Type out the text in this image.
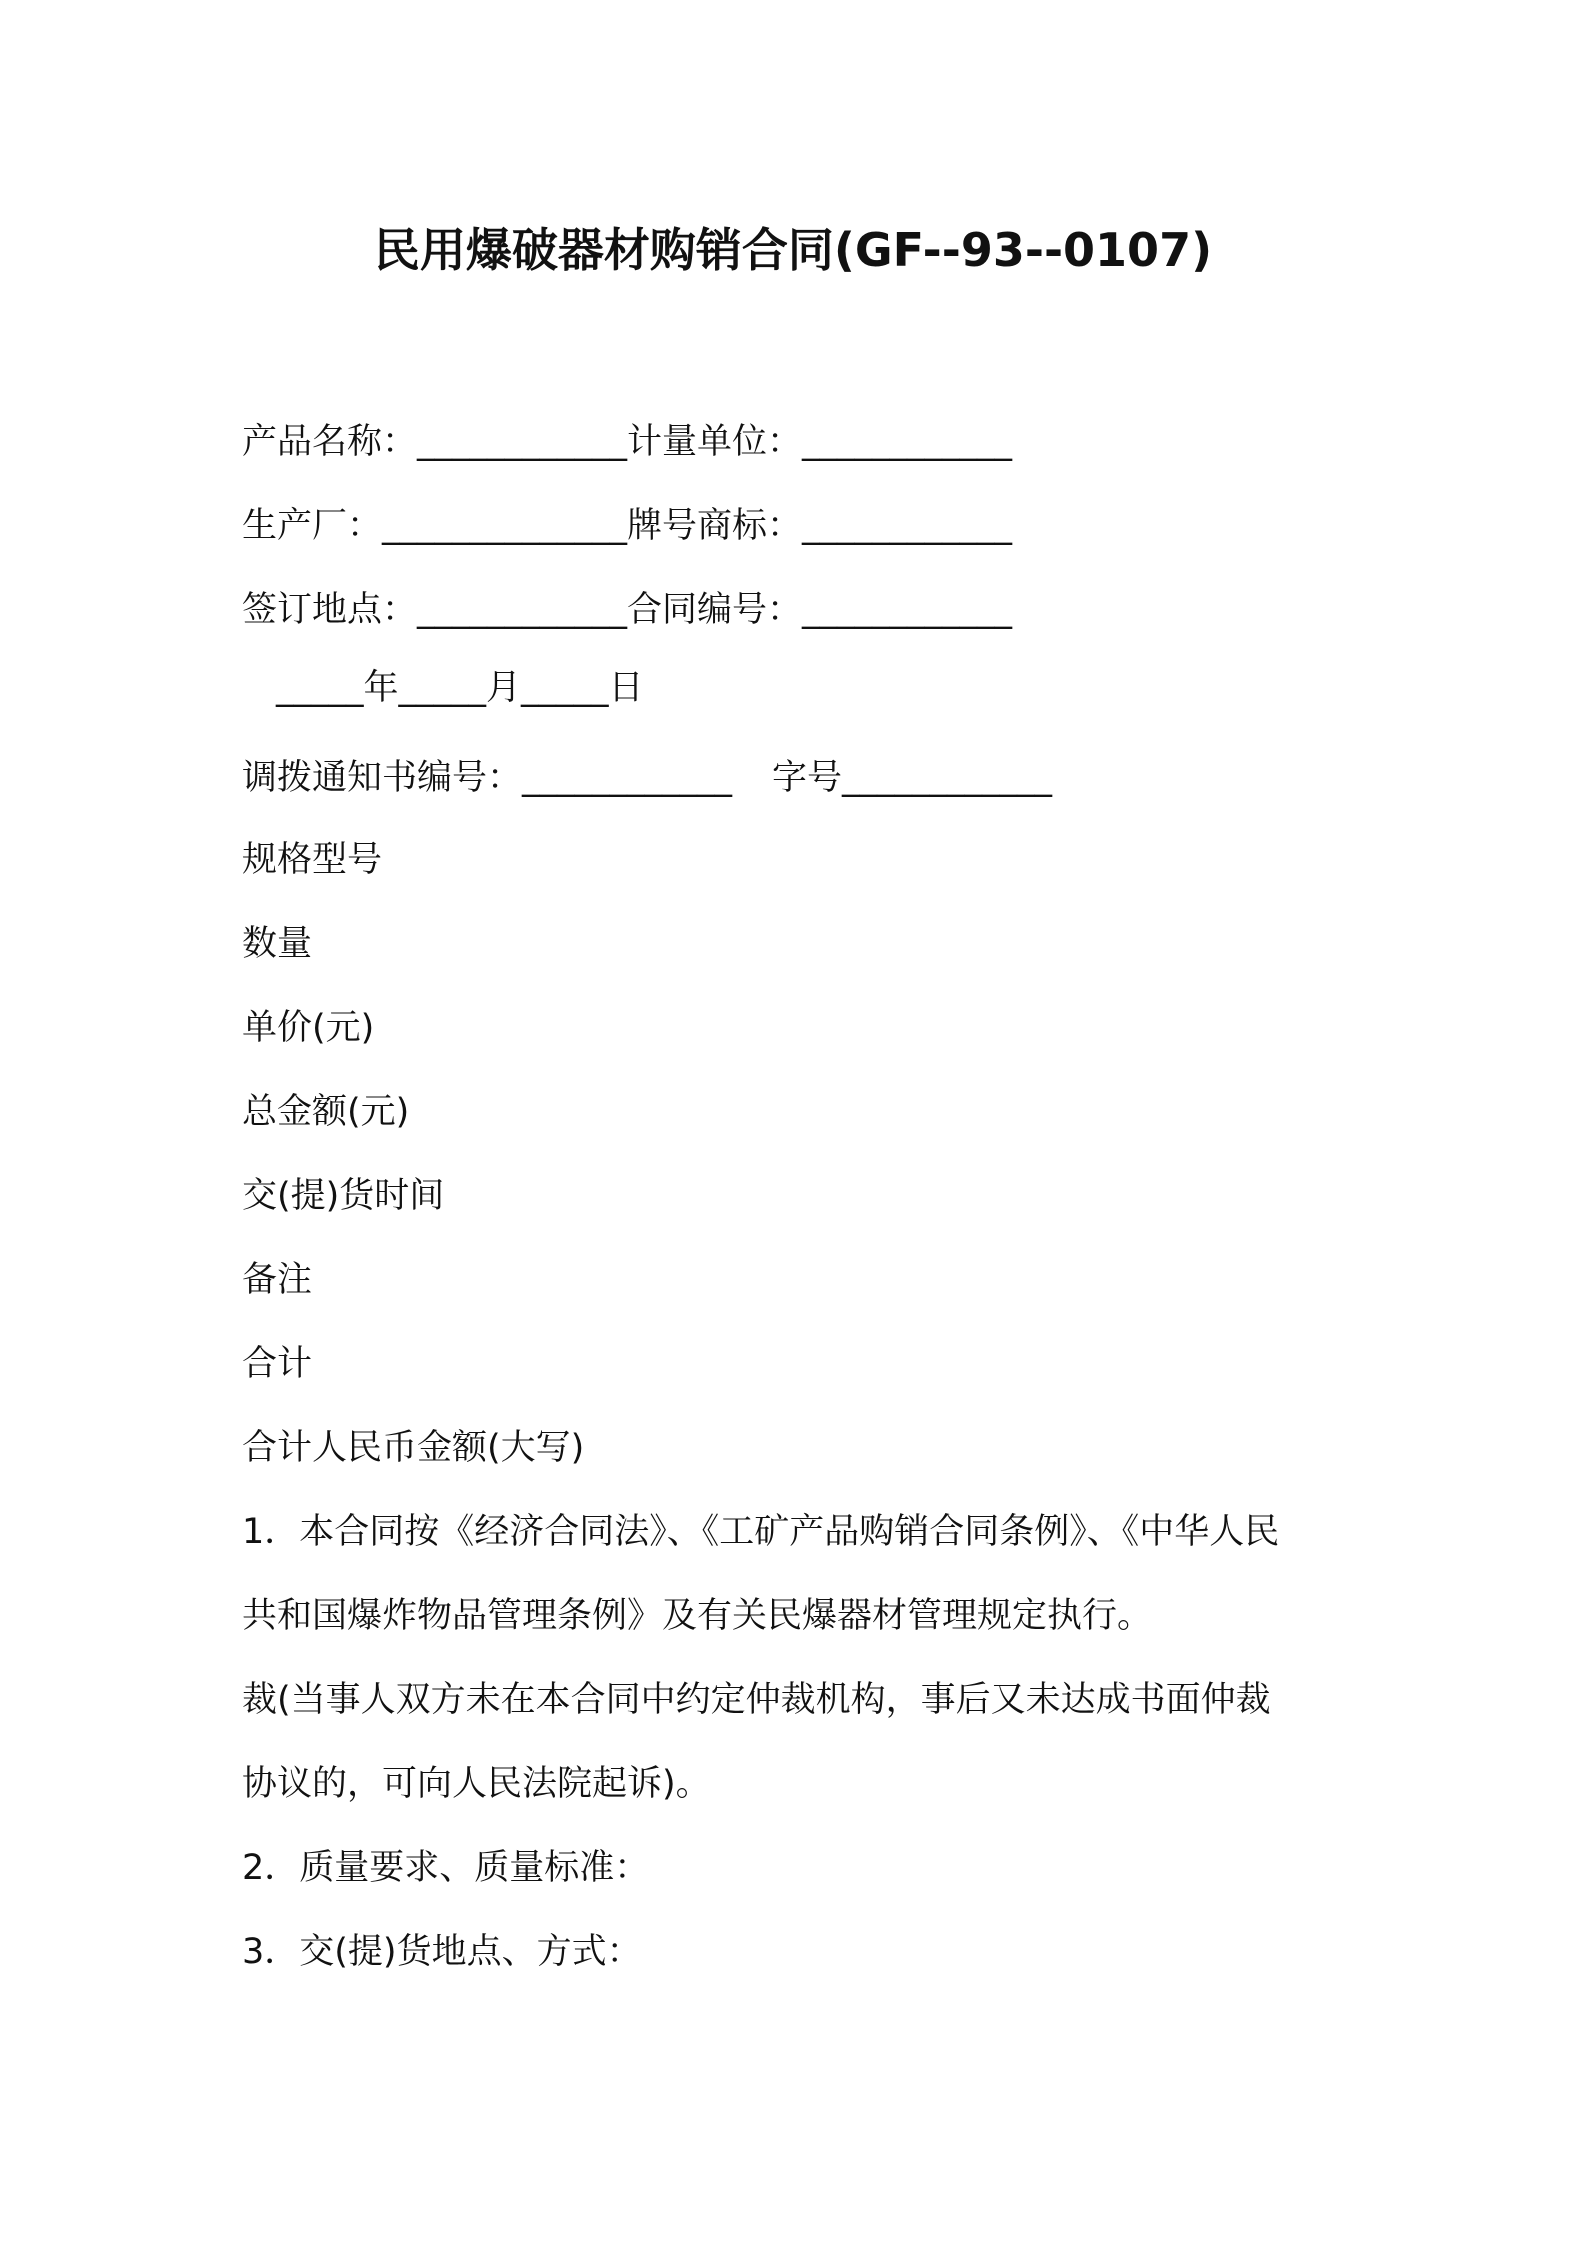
民用爆破器材购销合同(GF--93--0107)
产品名称：____________计量单位：____________
生产厂：______________牌号商标：____________
签订地点：____________合同编号：____________
_____年_____月_____日
调拨通知书编号：____________ 字号____________
规格型号
数量
单价(元)
总金额(元)
交(提)货时间
备注
合计
合计人民币金额(大写)
1．本合同按《经济合同法》、《工矿产品购销合同条例》、《中华人民
共和国爆炸物品管理条例》及有关民爆器材管理规定执行。
裁(当事人双方未在本合同中约定仲裁机构，事后又未达成书面仲裁
协议的，可向人民法院起诉)。
2．质量要求、质量标准：
3．交(提)货地点、方式：
